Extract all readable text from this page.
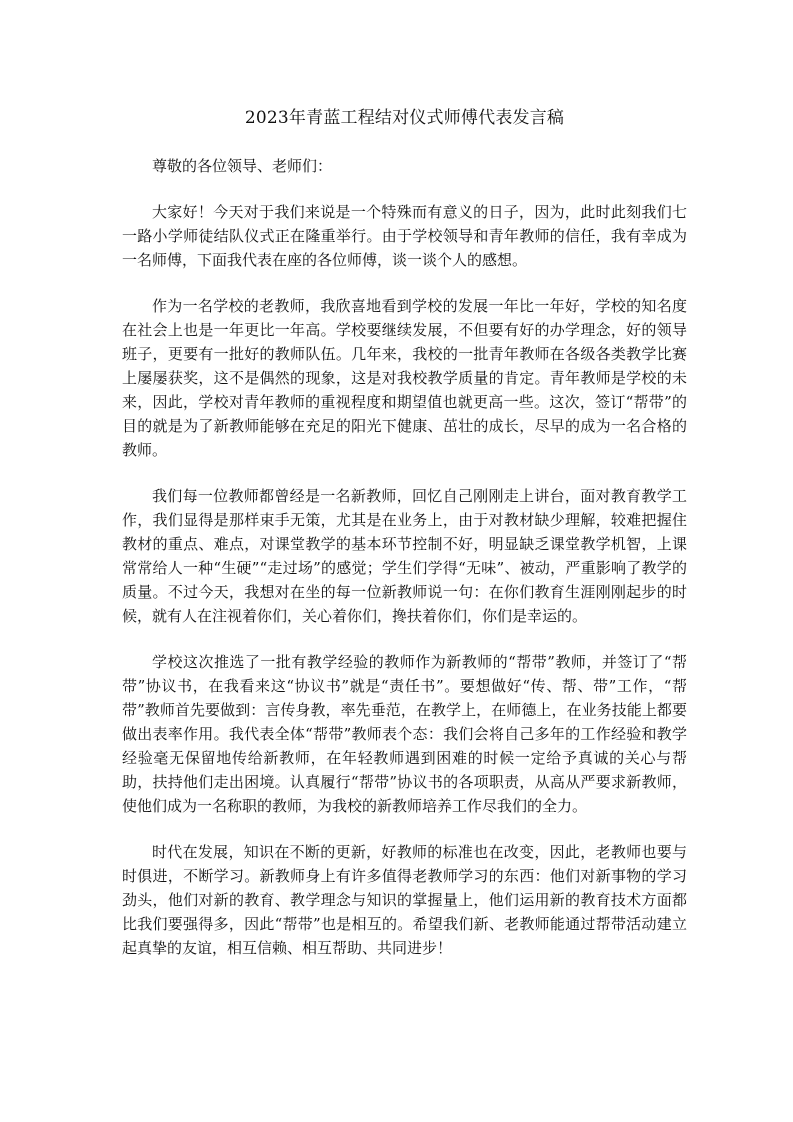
2023年青蓝工程结对仪式师傅代表发言稿

尊敬的各位领导、老师们：

大家好！今天对于我们来说是一个特殊而有意义的日子，因为，此时此刻我们七一路小学师徒结队仪式正在隆重举行。由于学校领导和青年教师的信任，我有幸成为一名师傅，下面我代表在座的各位师傅，谈一谈个人的感想。

作为一名学校的老教师，我欣喜地看到学校的发展一年比一年好，学校的知名度在社会上也是一年更比一年高。学校要继续发展，不但要有好的办学理念，好的领导班子，更要有一批好的教师队伍。几年来，我校的一批青年教师在各级各类教学比赛上屡屡获奖，这不是偶然的现象，这是对我校教学质量的肯定。青年教师是学校的未来，因此，学校对青年教师的重视程度和期望值也就更高一些。这次，签订“帮带”的目的就是为了新教师能够在充足的阳光下健康、茁壮的成长，尽早的成为一名合格的教师。

我们每一位教师都曾经是一名新教师，回忆自己刚刚走上讲台，面对教育教学工作，我们显得是那样束手无策，尤其是在业务上，由于对教材缺少理解，较难把握住教材的重点、难点，对课堂教学的基本环节控制不好，明显缺乏课堂教学机智，上课常常给人一种“生硬”“走过场”的感觉；学生们学得“无味”、被动，严重影响了教学的质量。不过今天，我想对在坐的每一位新教师说一句：在你们教育生涯刚刚起步的时候，就有人在注视着你们，关心着你们，搀扶着你们，你们是幸运的。

学校这次推选了一批有教学经验的教师作为新教师的“帮带”教师，并签订了“帮带”协议书，在我看来这“协议书”就是“责任书”。要想做好“传、帮、带”工作，“帮带”教师首先要做到：言传身教，率先垂范，在教学上，在师德上，在业务技能上都要做出表率作用。我代表全体“帮带”教师表个态：我们会将自己多年的工作经验和教学经验毫无保留地传给新教师，在年轻教师遇到困难的时候一定给予真诚的关心与帮助，扶持他们走出困境。认真履行“帮带”协议书的各项职责，从高从严要求新教师，使他们成为一名称职的教师，为我校的新教师培养工作尽我们的全力。

时代在发展，知识在不断的更新，好教师的标准也在改变，因此，老教师也要与时俱进，不断学习。新教师身上有许多值得老教师学习的东西：他们对新事物的学习劲头，他们对新的教育、教学理念与知识的掌握量上，他们运用新的教育技术方面都比我们要强得多，因此“帮带”也是相互的。希望我们新、老教师能通过帮带活动建立起真挚的友谊，相互信赖、相互帮助、共同进步！
